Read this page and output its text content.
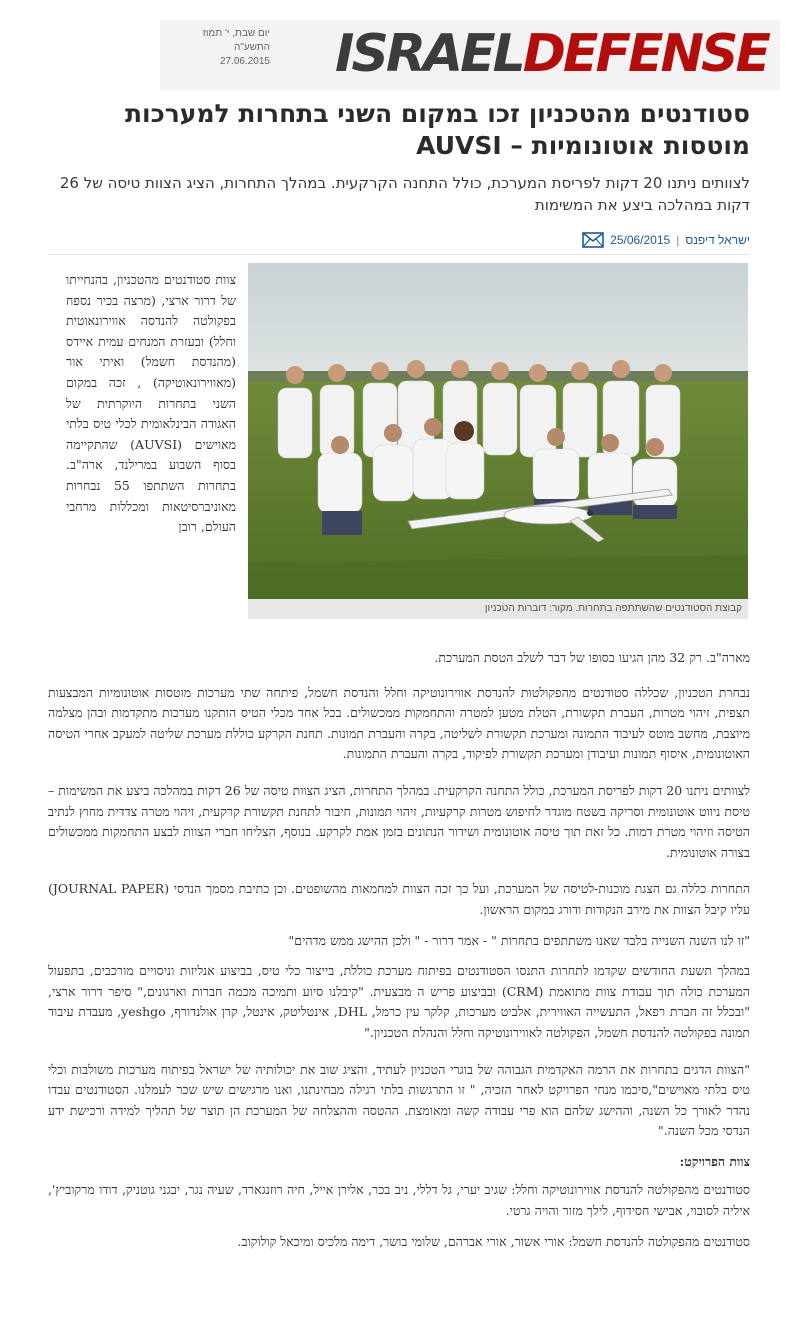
יום שבת, י' תמוז התשע"ה
27.06.2015 ISRAELDEFENSE
סטודנטים מהטכניון זכו במקום השני בתחרות למערכות מוטסות אוטונומיות – AUVSI
לצוותים ניתנו 20 דקות לפריסת המערכת, כולל התחנה הקרקעית. במהלך התחרות, הציג הצוות טיסה של 26 דקות במהלכה ביצע את המשימות
ישראל דיפנס
|
25/06/2015
קבוצת הסטודנטים שהשתתפה בתחרות. מקור: דוברות הטכניון
צוות סטודנטים מהטכניון, בהנחייתו של דרור ארצי, (מרצה בכיר נספח בפקולטה להנדסה אווירונאוטית וחלל) ובעזרת המנחים עמית איידס (מהנדסת חשמל) ואיתי אור (מאווירונאוטיקה) , זכה במקום השני בתחרות היוקרתית של האגודה הבינלאומית לכלי טיס בלתי מאוישים (AUVSI) שהתקיימה בסוף השבוע במרילנד, ארה"ב. בתחרות השתתפו 55 נבחרות מאוניברסיטאות ומכללות מרחבי העולם, רובן

מארה"ב. רק 32 מהן הגיעו בסופו של דבר לשלב הטסת המערכת.

נבחרת הטכניון, שכללה סטודנטים מהפקולטות להנדסת אווירונוטיקה וחלל והנדסת חשמל, פיתחה שתי מערכות מוטסות אוטונומיות המבצעות תצפית, זיהוי מטרות, העברת תקשורת, הטלת מטען למטרה והתחמקות ממכשולים. בכל אחד מכלי הטיס הותקנו מערכות מתקדמות ובהן מצלמה מיוצבת, מחשב מוטס לעיבוד התמונה ומערכת תקשורת לשליטה, בקרה והעברת תמונות. תחנת הקרקע כוללת מערכת שליטה למעקב אחרי הטיסה האוטונומית, איסוף תמונות ועיבודן ומערכת תקשורת לפיקוד, בקרה והעברת התמונות.

לצוותים ניתנו 20 דקות לפריסת המערכת, כולל התחנה הקרקעית. במהלך התחרות, הציג הצוות טיסה של 26 דקות במהלכה ביצע את המשימות – טיסת ניווט אוטונומית וסריקה בשטח מוגדר לחיפוש מטרות קרקעיות, זיהוי תמונות, חיבור לתחנת תקשורת קרקעית, זיהוי מטרה צדדית מחוץ לנתיב הטיסה וזיהוי מטרת דמות. כל זאת תוך טיסה אוטונומית ושידור הנתונים בזמן אמת לקרקע. בנוסף, הצליחו חברי הצוות לבצע התחמקות ממכשולים בצורה אוטונומית.

התחרות כללה גם הצגת מוכנות-לטיסה של המערכת, ועל כך זכה הצוות למחמאות מהשופטים. וכן כתיבת מסמך הנדסי (JOURNAL PAPER) עליו קיבל הצוות את מירב הנקודות ודורג במקום הראשון.

"זו לנו השנה השנייה בלבד שאנו משתתפים בתחרות " - אמר דרור - " ולכן ההישג ממש מדהים"

במהלך תשעת החודשים שקדמו לתחרות התנסו הסטודנטים בפיתוח מערכת כוללת, בייצור כלי טיס, בביצוע אנליזות וניסויים מורכבים, בתפעול המערכת כולה תוך עבודת צוות מתואמת (CRM) ובביצוע פריש ה מבצעית. "קיבלנו סיוע ותמיכה מכמה חברות וארגונים," סיפר דרור ארצי, "ובכלל זה חברת רפאל, התעשייה האווירית, אלביט מערכות, קלקר עין כרמל, DHL, אינטליטק, אינטל, קרן אולנדורף, yeshgo, מעבדת עיבוד תמונה בפקולטה להנדסת חשמל, הפקולטה לאווירונוטיקה וחלל והנהלת הטכניון."

"הצוות הדגים בתחרות את הרמה האקדמית הגבוהה של בוגרי הטכניון לעתיד, והציג שוב את יכולותיה של ישראל בפיתוח מערכות משולבות וכלי טיס בלתי מאוישים",סיכמו מנחי הפרויקט לאחר הזכיה, " זו התרגשות בלתי רגילה מבחינתנו, ואנו מרגישים שיש שכר לעמלנו. הסטודנטים עבדו נהדר לאורך כל השנה, וההישג שלהם הוא פרי עבודה קשה ומאומצת. ההטסה וההצלחה של המערכת הן תוצר של תהליך למידה ורכישת ידע הנדסי מכל השנה."

צוות הפרויקט:

סטודנטים מהפקולטה להנדסת אווירונוטיקה וחלל: שגיב יערי, גל דללי, ניב בכר, אלירן אייל, חיה רוזנגארד, שעיה נגר, יבגני גוטניק, דודו מרקוביץ', איליה לסובוי, אבישי חסידוף, לילך מזור והויה גרטי.

סטודנטים מהפקולטה להנדסת חשמל: אורי אשור, אורי אברהם, שלומי בושר, דימה מלכיס ומיכאל קולוקוב.
